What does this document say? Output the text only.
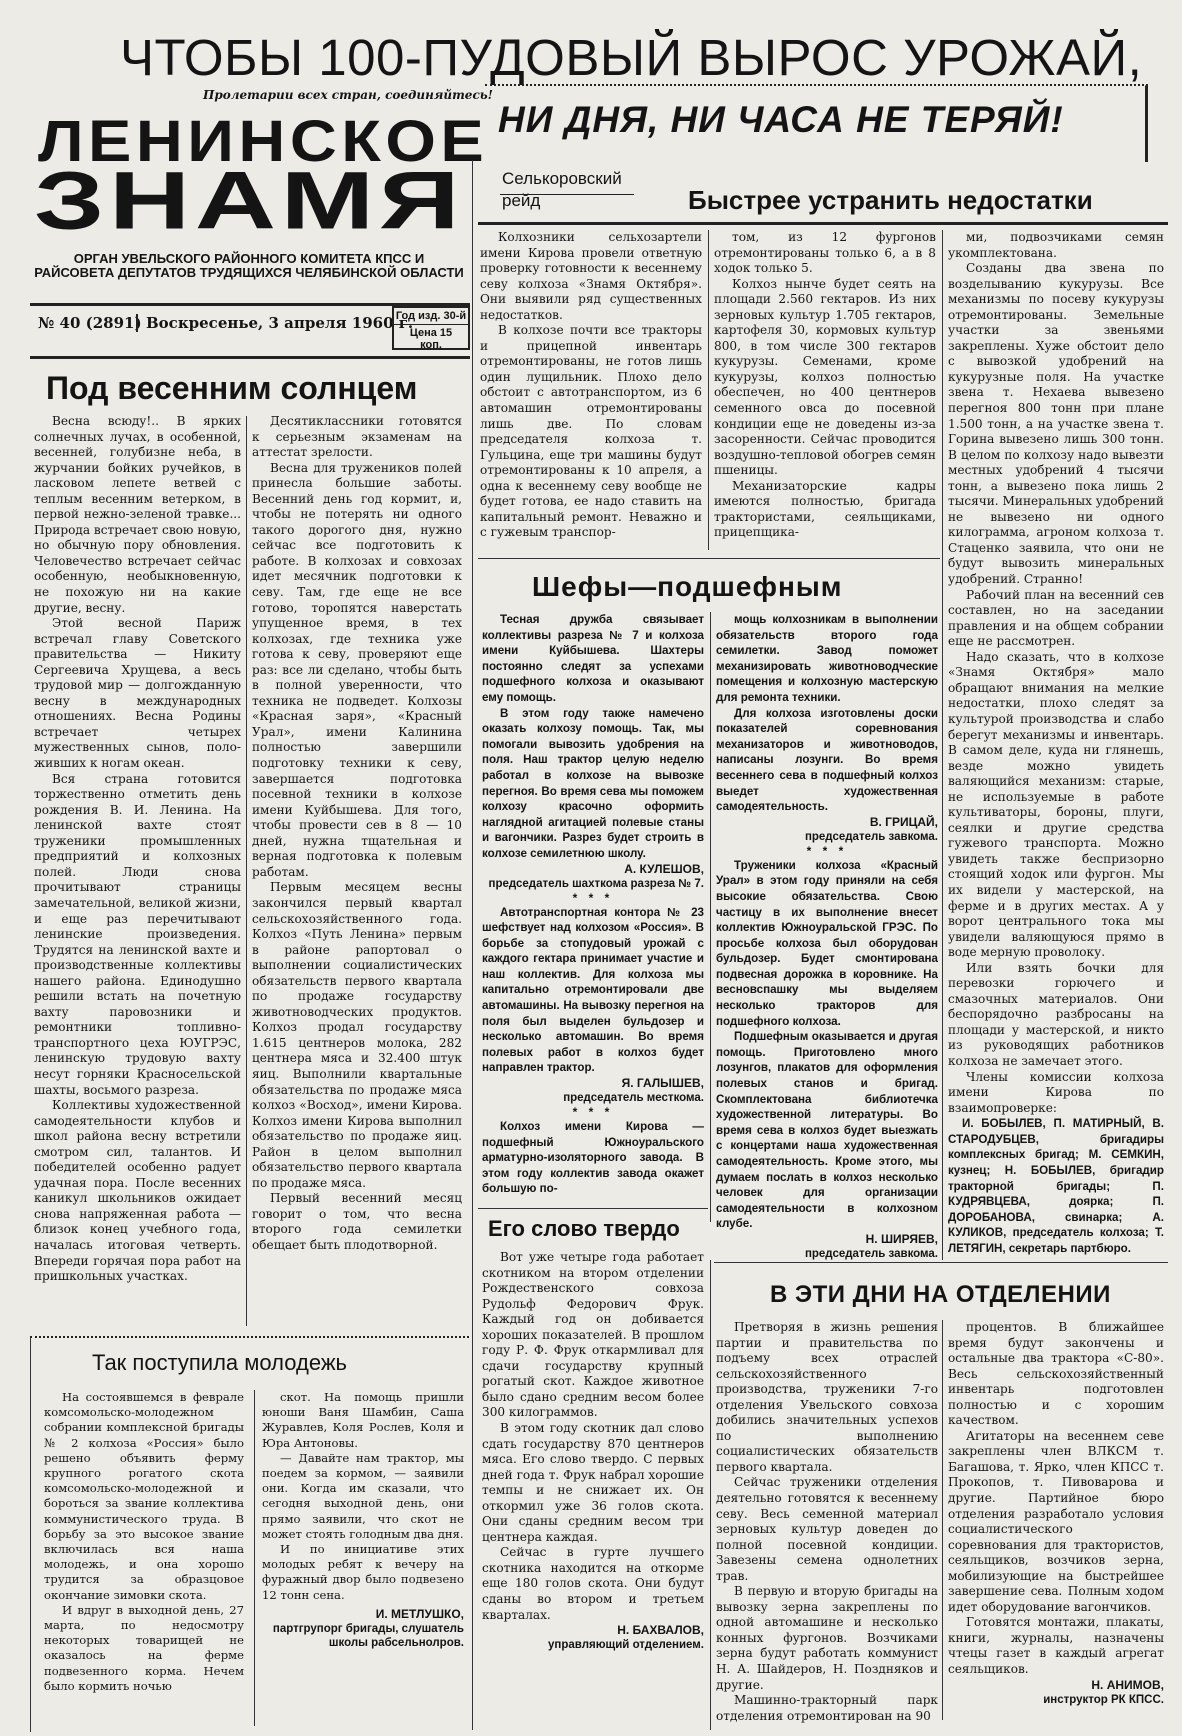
ЧТОБЫ 100-ПУДОВЫЙ ВЫРОС УРОЖАЙ,
НИ ДНЯ, НИ ЧАСА НЕ ТЕРЯЙ!
Пролетарии всех стран, соединяйтесь!
ЛЕНИНСКОЕ
ЗНАМЯ
ОРГАН УВЕЛЬСКОГО РАЙОННОГО КОМИТЕТА КПСС И РАЙСОВЕТА ДЕПУТАТОВ ТРУДЯЩИХСЯ ЧЕЛЯБИНСКОЙ ОБЛАСТИ
№ 40 (2891) Воскресенье, 3 апреля 1960 г.
Год изд. 30-й
Цена 15 коп.
Под весенним солнцем

Весна всюду!.. В ярких солнечных лучах, в особенной, весенней, голубизне неба, в журчании бойких ручейков, в ласковом лепете ветвей с теплым весенним ветерком, в первой нежно-зеленой травке... Природа встречает свою новую, но обычную пору обновления. Человечество встречает сейчас особенную, необыкновенную, не похожую ни на какие другие, весну.

Этой весной Париж встречал главу Советского правительства — Никиту Сергеевича Хрущева, а весь трудовой мир — долгожданную весну в международных отношениях. Весна Родины встречает четырех мужественных сынов, положивших к ногам океан.

Вся страна готовится торжественно отметить день рождения В. И. Ленина. На ленинской вахте стоят труженики промышленных предприятий и колхозных полей. Люди снова прочитывают страницы замечательной, великой жизни, и еще раз перечитывают ленинские произведения. Трудятся на ленинской вахте и производственные коллективы нашего района. Единодушно решили встать на почетную вахту паровозники и ремонтники топливно-транспортного цеха ЮУГРЭС, ленинскую трудовую вахту несут горняки Красносельской шахты, восьмого разреза.

Коллективы художественной самодеятельности клубов и школ района весну встретили смотром сил, талантов. И победителей особенно радует удачная пора. После весенних каникул школьников ожидает снова напряженная работа — близок конец учебного года, началась итоговая четверть. Впереди горячая пора работ на пришкольных участках.

Десятиклассники готовятся к серьезным экзаменам на аттестат зрелости.

Весна для тружеников полей принесла большие заботы. Весенний день год кормит, и, чтобы не потерять ни одного такого дорогого дня, нужно сейчас все подготовить к работе. В колхозах и совхозах идет месячник подготовки к севу. Там, где еще не все готово, торопятся наверстать упущенное время, в тех колхозах, где техника уже готова к севу, проверяют еще раз: все ли сделано, чтобы быть в полной уверенности, что техника не подведет. Колхозы «Красная заря», «Красный Урал», имени Калинина полностью завершили подготовку техники к севу, завершается подготовка посевной техники в колхозе имени Куйбышева. Для того, чтобы провести сев в 8 — 10 дней, нужна тщательная и верная подготовка к полевым работам.

Первым месяцем весны закончился первый квартал сельскохозяйственного года. Колхоз «Путь Ленина» первым в районе рапортовал о выполнении социалистических обязательств первого квартала по продаже государству животноводческих продуктов. Колхоз продал государству 1.615 центнеров молока, 282 центнера мяса и 32.400 штук яиц. Выполнили квартальные обязательства по продаже мяса колхоз «Восход», имени Кирова. Колхоз имени Кирова выполнил обязательство по продаже яиц. Район в целом выполнил обязательство первого квартала по продаже мяса.

Первый весенний месяц говорит о том, что весна второго года семилетки обещает быть плодотворной.

Селькоровский
рейд	Быстрее устранить недостатки

Колхозники сельхозартели имени Кирова провели ответную проверку готовности к весеннему севу колхоза «Знамя Октября». Они выявили ряд существенных недостатков.

В колхозе почти все тракторы и прицепной инвентарь отремонтированы, не готов лишь один лущильник. Плохо дело обстоит с автотранспортом, из 6 автомашин отремонтированы лишь две. По словам председателя колхоза т. Гульцина, еще три машины будут отремонтированы к 10 апреля, а одна к весеннему севу вообще не будет готова, ее надо ставить на капитальный ремонт. Неважно и с гужевым транспор-

том, из 12 фургонов отремонтированы только 6, а в 8 ходок только 5.

Колхоз нынче будет сеять на площади 2.560 гектаров. Из них зерновых культур 1.705 гектаров, картофеля 30, кормовых культур 800, в том числе 300 гектаров кукурузы. Семенами, кроме кукурузы, колхоз полностью обеспечен, но 400 центнеров семенного овса до посевной кондиции еще не доведены из-за засоренности. Сейчас проводится воздушно-тепловой обогрев семян пшеницы.

Механизаторские кадры имеются полностью, бригада трактористами, сеяльщиками, прицепщика-

ми, подвозчиками семян укомплектована.

Созданы два звена по возделыванию кукурузы. Все механизмы по посеву кукурузы отремонтированы. Земельные участки за звеньями закреплены. Хуже обстоит дело с вывозкой удобрений на кукурузные поля. На участке звена т. Нехаева вывезено перегноя 800 тонн при плане 1.500 тонн, а на участке звена т. Горина вывезено лишь 300 тонн. В целом по колхозу надо вывезти местных удобрений 4 тысячи тонн, а вывезено пока лишь 2 тысячи. Минеральных удобрений не вывезено ни одного килограмма, агроном колхоза т. Стаценко заявила, что они не будут вывозить минеральных удобрений. Странно!

Рабочий план на весенний сев составлен, но на заседании правления и на общем собрании еще не рассмотрен.

Надо сказать, что в колхозе «Знамя Октября» мало обращают внимания на мелкие недостатки, плохо следят за культурой производства и слабо берегут механизмы и инвентарь. В самом деле, куда ни глянешь, везде можно увидеть валяющийся механизм: старые, не используемые в работе культиваторы, бороны, плуги, сеялки и другие средства гужевого транспорта. Можно увидеть также беспризорно стоящий ходок или фургон. Мы их видели у мастерской, на ферме и в других местах. А у ворот центрального тока мы увидели валяющуюся прямо в воде мерную проволоку.

Или взять бочки для перевозки горючего и смазочных материалов. Они беспорядочно разбросаны на площади у мастерской, и никто из руководящих работников колхоза не замечает этого.

Члены комиссии колхоза имени Кирова по взаимопроверке:

И. БОБЫЛЕВ, П. МАТИРНЫЙ, В. СТАРОДУБЦЕВ, бригадиры комплексных бригад; М. СЕМКИН, кузнец; Н. БОБЫЛЕВ, бригадир тракторной бригады; П. КУДРЯВЦЕВА, доярка; П. ДОРОБАНОВА, свинарка; А. КУЛИКОВ, председатель колхоза; Т. ЛЕТЯГИН, секретарь партбюро.

Шефы—подшефным

Тесная дружба связывает коллективы разреза № 7 и колхоза имени Куйбышева. Шахтеры постоянно следят за успехами подшефного колхоза и оказывают ему помощь.

В этом году также намечено оказать колхозу помощь. Так, мы помогали вывозить удобрения на поля. Наш трактор целую неделю работал в колхозе на вывозке перегноя. Во время сева мы поможем колхозу красочно оформить наглядной агитацией полевые станы и вагончики. Разрез будет строить в колхозе семилетнюю школу.

А. КУЛЕШОВ,
председатель шахткома разреза № 7.
* * *

Автотранспортная контора № 23 шефствует над колхозом «Россия». В борьбе за стопудовый урожай с каждого гектара принимает участие и наш коллектив. Для колхоза мы капитально отремонтировали две автомашины. На вывозку перегноя на поля был выделен бульдозер и несколько автомашин. Во время полевых работ в колхоз будет направлен трактор.

Я. ГАЛЫШЕВ,
председатель месткома.
* * *

Колхоз имени Кирова — подшефный Южноуральского арматурно-изоляторного завода. В этом году коллектив завода окажет большую по-

мощь колхозникам в выполнении обязательств второго года семилетки. Завод поможет механизировать животноводческие помещения и колхозную мастерскую для ремонта техники.

Для колхоза изготовлены доски показателей соревнования механизаторов и животноводов, написаны лозунги. Во время весеннего сева в подшефный колхоз выедет художественная самодеятельность.

В. ГРИЦАЙ,
председатель завкома.
* * *

Труженики колхоза «Красный Урал» в этом году приняли на себя высокие обязательства. Свою частицу в их выполнение внесет коллектив Южноуральской ГРЭС. По просьбе колхоза был оборудован бульдозер. Будет смонтирована подвесная дорожка в коровнике. На весновспашку мы выделяем несколько тракторов для подшефного колхоза.

Подшефным оказывается и другая помощь. Приготовлено много лозунгов, плакатов для оформления полевых станов и бригад. Скомплектована библиотечка художественной литературы. Во время сева в колхоз будет выезжать с концертами наша художественная самодеятельность. Кроме этого, мы думаем послать в колхоз несколько человек для организации самодеятельности в колхозном клубе.

Н. ШИРЯЕВ,
председатель завкома.
Его слово твердо

Вот уже четыре года работает скотником на втором отделении Рождественского совхоза Рудольф Федорович Фрук. Каждый год он добивается хороших показателей. В прошлом году Р. Ф. Фрук откармливал для сдачи государству крупный рогатый скот. Каждое животное было сдано средним весом более 300 килограммов.

В этом году скотник дал слово сдать государству 870 центнеров мяса. Его слово твердо. С первых дней года т. Фрук набрал хорошие темпы и не снижает их. Он откормил уже 36 голов скота. Они сданы средним весом три центнера каждая.

Сейчас в гурте лучшего скотника находится на откорме еще 180 голов скота. Они будут сданы во втором и третьем кварталах.

Н. БАХВАЛОВ,
управляющий отделением.
В ЭТИ ДНИ НА ОТДЕЛЕНИИ

Претворяя в жизнь решения партии и правительства по подъему всех отраслей сельскохозяйственного производства, труженики 7-го отделения Увельского совхоза добились значительных успехов по выполнению социалистических обязательств первого квартала.

Сейчас труженики отделения деятельно готовятся к весеннему севу. Весь семенной материал зерновых культур доведен до полной посевной кондиции. Завезены семена однолетних трав.

В первую и вторую бригады на вывозку зерна закреплены по одной автомашине и несколько конных фургонов. Возчиками зерна будут работать коммунист Н. А. Шайдеров, Н. Поздняков и другие.

Машинно-тракторный парк отделения отремонтирован на 90

процентов. В ближайшее время будут закончены и остальные два трактора «С-80». Весь сельскохозяйственный инвентарь подготовлен полностью и с хорошим качеством.

Агитаторы на весеннем севе закреплены член ВЛКСМ т. Багашова, т. Ярко, член КПСС т. Прокопов, т. Пивоварова и другие. Партийное бюро отделения разработало условия социалистического соревнования для трактористов, сеяльщиков, возчиков зерна, мобилизующие на быстрейшее завершение сева. Полным ходом идет оборудование вагончиков.

Готовятся монтажи, плакаты, книги, журналы, назначены чтецы газет в каждый агрегат сеяльщиков.

Н. АНИМОВ,
инструктор РК КПСС.
Так поступила молодежь

На состоявшемся в феврале комсомольско-молодежном собрании комплексной бригады № 2 колхоза «Россия» было решено объявить ферму крупного рогатого скота комсомольско-молодежной и бороться за звание коллектива коммунистического труда. В борьбу за это высокое звание включилась вся наша молодежь, и она хорошо трудится за образцовое окончание зимовки скота.

И вдруг в выходной день, 27 марта, по недосмотру некоторых товарищей не оказалось на ферме подвезенного корма. Нечем было кормить ночью

скот. На помощь пришли юноши Ваня Шамбин, Саша Журавлев, Коля Рослев, Коля и Юра Антоновы.

— Давайте нам трактор, мы поедем за кормом, — заявили они. Когда им сказали, что сегодня выходной день, они прямо заявили, что скот не может стоять голодным два дня.

И по инициативе этих молодых ребят к вечеру на фуражный двор было подвезено 12 тонн сена.

И. МЕТЛУШКО,
партгрупорг бригады, слушатель школы рабсельнолров.
